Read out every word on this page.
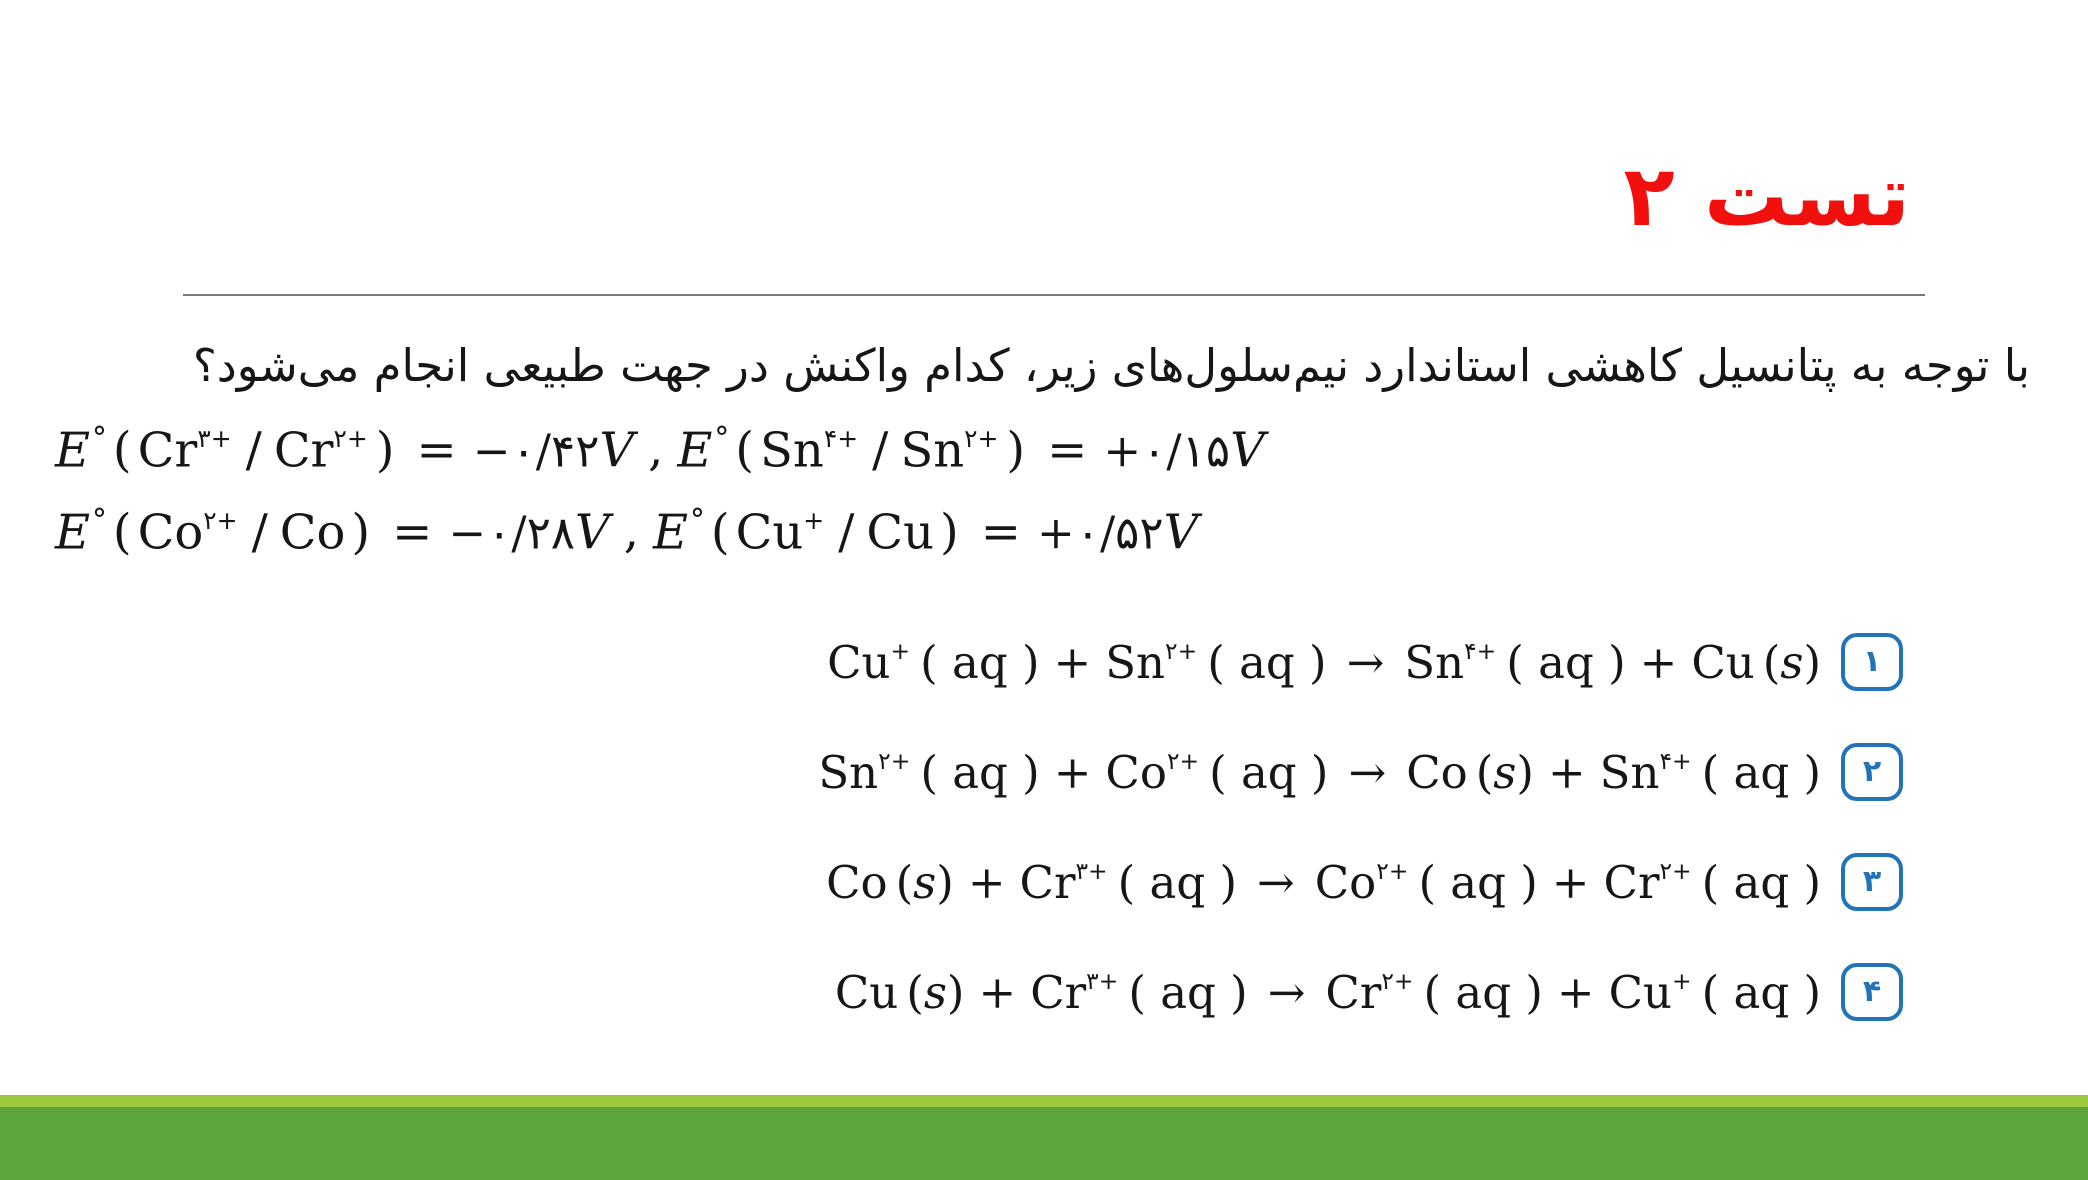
تست ۲

با توجه به پتانسیل کاهشی استاندارد نیم‌سلول‌های زیر، کدام واکنش در جهت طبیعی انجام می‌شود؟

E° ( $Cr^{۳+} / Cr^{۲+}$ ) = −۰/۴۲V , E° ( $Sn^{۴+} / Sn^{۲+}$ ) = +۰/۱۵V
E° ( $Co^{۲+}$ / Co ) = −۰/۲۸V , E° ( Cu+ / Cu ) = +۰/۵۲V
Cu+ ( aq ) + $Sn^{۲+}$ ( aq ) → $Sn^{۴+}$ ( aq ) + Cu (s) ۱
$Sn^{۲+}$ ( aq ) + $Co^{۲+}$ ( aq ) → Co $(s) + Sn^{۴+}$ ( aq ) ۲
Co $(s) + Cr^{۳+}$ ( aq ) → $Co^{۲+}$ ( aq ) + $Cr^{۲+}$ ( aq ) ۳
Cu $(s) + Cr^{۳+}$ ( aq ) → $Cr^{۲+}$ ( aq ) + Cu+ ( aq ) ۴
